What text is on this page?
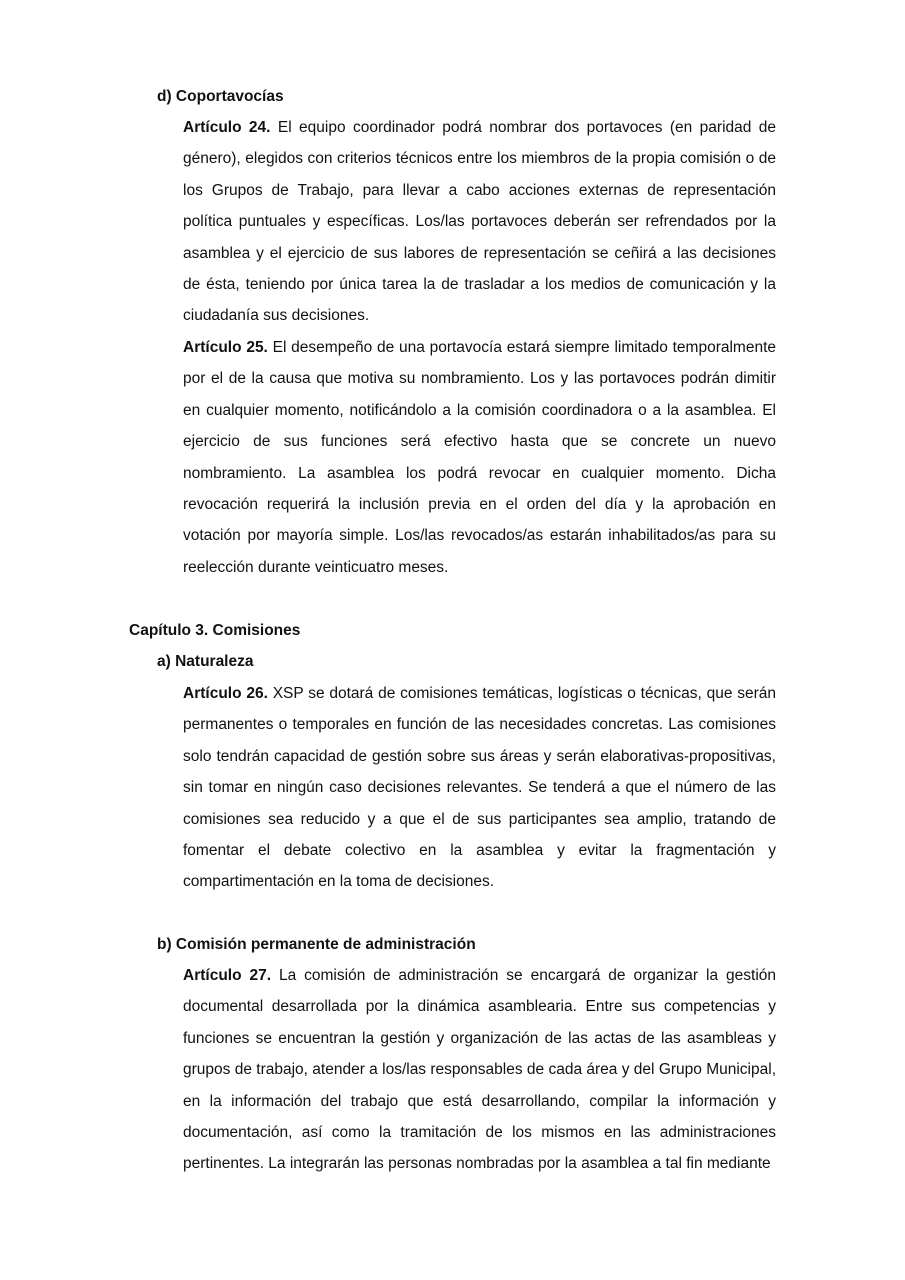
d) Coportavocías

Artículo 24. El equipo coordinador podrá nombrar dos portavoces (en paridad de género), elegidos con criterios técnicos entre los miembros de la propia comisión o de los Grupos de Trabajo, para llevar a cabo acciones externas de representación política puntuales y específicas. Los/las portavoces deberán ser refrendados por la asamblea y el ejercicio de sus labores de representación se ceñirá a las decisiones de ésta, teniendo por única tarea la de trasladar a los medios de comunicación y la ciudadanía sus decisiones.

Artículo 25. El desempeño de una portavocía estará siempre limitado temporalmente por el de la causa que motiva su nombramiento. Los y las portavoces podrán dimitir en cualquier momento, notificándolo a la comisión coordinadora o a la asamblea. El ejercicio de sus funciones será efectivo hasta que se concrete un nuevo nombramiento. La asamblea los podrá revocar en cualquier momento. Dicha revocación requerirá la inclusión previa en el orden del día y la aprobación en votación por mayoría simple. Los/las revocados/as estarán inhabilitados/as para su reelección durante veinticuatro meses.

Capítulo 3. Comisiones
a) Naturaleza

Artículo 26. XSP se dotará de comisiones temáticas, logísticas o técnicas, que serán permanentes o temporales en función de las necesidades concretas. Las comisiones solo tendrán capacidad de gestión sobre sus áreas y serán elaborativas-propositivas, sin tomar en ningún caso decisiones relevantes. Se tenderá a que el número de las comisiones sea reducido y a que el de sus participantes sea amplio, tratando de fomentar el debate colectivo en la asamblea y evitar la fragmentación y compartimentación en la toma de decisiones.

b) Comisión permanente de administración

Artículo 27. La comisión de administración se encargará de organizar la gestión documental desarrollada por la dinámica asamblearia. Entre sus competencias y funciones se encuentran la gestión y organización de las actas de las asambleas y grupos de trabajo, atender a los/las responsables de cada área y del Grupo Municipal, en la información del trabajo que está desarrollando, compilar la información y documentación, así como la tramitación de los mismos en las administraciones pertinentes. La integrarán las personas nombradas por la asamblea a tal fin mediante
